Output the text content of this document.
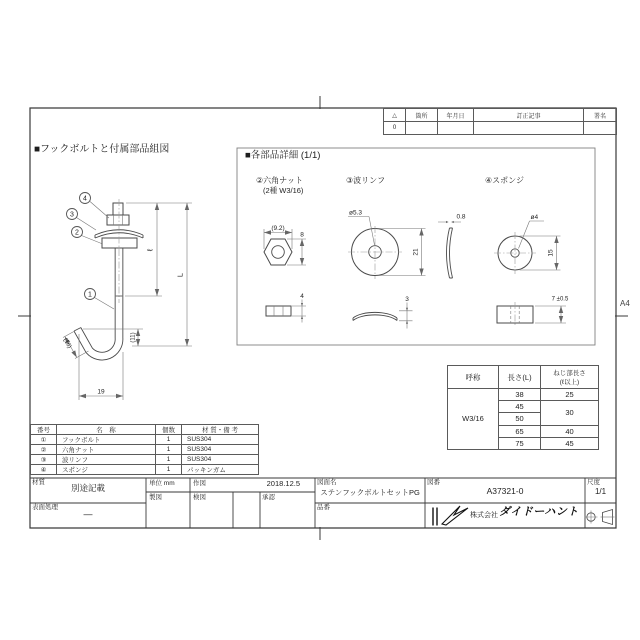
4
3
2
1
ℓ
L
(11)
(16)
19
(9.2)
8
4
ø5.3
21
3
0.8	ø4
15
7 ±0.5
■フックボルトと付属部品組図
■各部品詳細 (1/1)
②六角ナット
(2種 W3/16)
③波リンフ	④スポンジ
A4
△	箇所	年月日	訂正記事	署名
0				
番号	名　称	個数	材 質・備 考
①	フックボルト	1	SUS304
②	六角ナット	1	SUS304
③	波リンフ	1	SUS304
④	スポンジ	1	パッキンガム
呼称	長さ(L)	ねじ部長さ
(ℓ以上)

W3/16	38	25
	45	30
	50	
	65	40
	75	45
材質
別途記載
表面処理
—
単位 mm	作図	2018.12.5
製図	検図	承認
図面名
ステンフックボルトセットPG
品番
図番
A37321-0
尺度
1/1
株式会社 ダイドーハント
